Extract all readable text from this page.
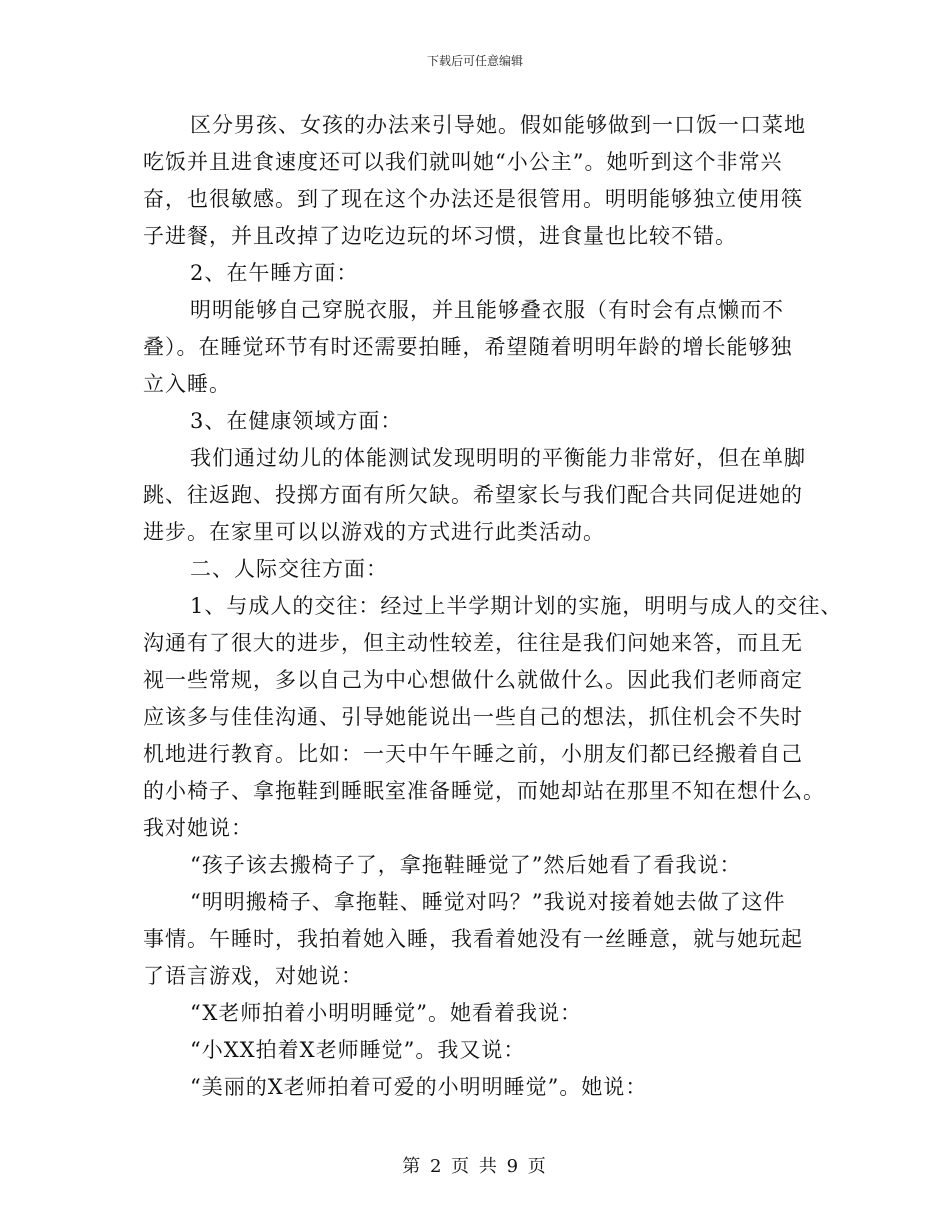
下载后可任意编辑
区分男孩、女孩的办法来引导她。假如能够做到一口饭一口菜地
吃饭并且进食速度还可以我们就叫她“小公主”。她听到这个非常兴
奋，也很敏感。到了现在这个办法还是很管用。明明能够独立使用筷
子进餐，并且改掉了边吃边玩的坏习惯，进食量也比较不错。
2、在午睡方面：
明明能够自己穿脱衣服，并且能够叠衣服（有时会有点懒而不
叠）。在睡觉环节有时还需要拍睡，希望随着明明年龄的增长能够独
立入睡。
3、在健康领域方面：
我们通过幼儿的体能测试发现明明的平衡能力非常好，但在单脚
跳、往返跑、投掷方面有所欠缺。希望家长与我们配合共同促进她的
进步。在家里可以以游戏的方式进行此类活动。
二、人际交往方面：
1、与成人的交往：经过上半学期计划的实施，明明与成人的交往、
沟通有了很大的进步，但主动性较差，往往是我们问她来答，而且无
视一些常规，多以自己为中心想做什么就做什么。因此我们老师商定
应该多与佳佳沟通、引导她能说出一些自己的想法，抓住机会不失时
机地进行教育。比如：一天中午午睡之前，小朋友们都已经搬着自己
的小椅子、拿拖鞋到睡眠室准备睡觉，而她却站在那里不知在想什么。
我对她说：
“孩子该去搬椅子了，拿拖鞋睡觉了”然后她看了看我说：
“明明搬椅子、拿拖鞋、睡觉对吗？”我说对接着她去做了这件
事情。午睡时，我拍着她入睡，我看着她没有一丝睡意，就与她玩起
了语言游戏，对她说：
“X老师拍着小明明睡觉”。她看着我说：
“小XX拍着X老师睡觉”。我又说：
“美丽的X老师拍着可爱的小明明睡觉”。她说：
第 2 页 共 9 页
